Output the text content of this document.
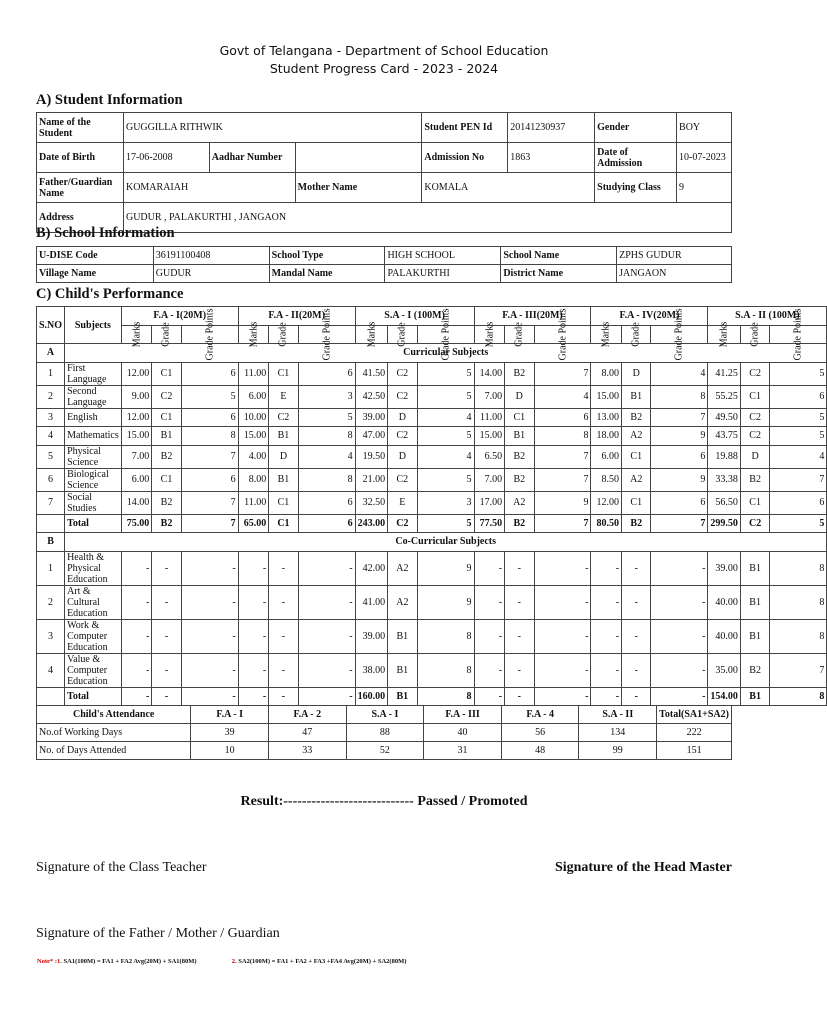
Govt of Telangana - Department of School Education
Student Progress Card - 2023 - 2024
A) Student Information
Name of the Student	GUGGILLA RITHWIK			Student PEN Id	20141230937	Gender	BOY
Date of Birth	17-06-2008	Aadhar Number		Admission No	1863	Date of Admission	10-07-2023
Father/Guardian Name	KOMARAIAH		Mother Name	KOMALA		Studying Class	9
Address	GUDUR , PALAKURTHI , JANGAON						
B) School Information
U-DISE Code	36191100408	School Type	HIGH SCHOOL	School Name	ZPHS GUDUR
Village Name	GUDUR	Mandal Name	PALAKURTHI	District Name	JANGAON
C) Child's Performance
S.NO	Subjects	F.A - I(20M)			F.A - II(20M)			S.A - I (100M)			F.A - III(20M)			F.A - IV(20M)			S.A - II (100M)		
		Marks	Grade	Grade Points	Marks	Grade	Grade Points	Marks	Grade	Grade Points	Marks	Grade	Grade Points	Marks	Grade	Grade Points	Marks	Grade	Grade Points
A	Curricular Subjects																		
1	First Language	12.00	C1	6	11.00	C1	6	41.50	C2	5	14.00	B2	7	8.00	D	4	41.25	C2	5
2	Second Language	9.00	C2	5	6.00	E	3	42.50	C2	5	7.00	D	4	15.00	B1	8	55.25	C1	6
3	English	12.00	C1	6	10.00	C2	5	39.00	D	4	11.00	C1	6	13.00	B2	7	49.50	C2	5
4	Mathematics	15.00	B1	8	15.00	B1	8	47.00	C2	5	15.00	B1	8	18.00	A2	9	43.75	C2	5
5	Physical Science	7.00	B2	7	4.00	D	4	19.50	D	4	6.50	B2	7	6.00	C1	6	19.88	D	4
6	Biological Science	6.00	C1	6	8.00	B1	8	21.00	C2	5	7.00	B2	7	8.50	A2	9	33.38	B2	7
7	Social Studies	14.00	B2	7	11.00	C1	6	32.50	E	3	17.00	A2	9	12.00	C1	6	56.50	C1	6
	Total	75.00	B2	7	65.00	C1	6	243.00	C2	5	77.50	B2	7	80.50	B2	7	299.50	C2	5
B	Co-Curricular Subjects																		
1	Health & Physical Education	-	-	-	-	-	-	42.00	A2	9	-	-	-	-	-	-	39.00	B1	8
2	Art & Cultural Education	-	-	-	-	-	-	41.00	A2	9	-	-	-	-	-	-	40.00	B1	8
3	Work & Computer Education	-	-	-	-	-	-	39.00	B1	8	-	-	-	-	-	-	40.00	B1	8
4	Value & Computer Education	-	-	-	-	-	-	38.00	B1	8	-	-	-	-	-	-	35.00	B2	7
	Total	-	-	-	-	-	-	160.00	B1	8	-	-	-	-	-	-	154.00	B1	8
Child's Attendance	F.A - I	F.A - 2	S.A - I	F.A - III	F.A - 4	S.A - II	Total(SA1+SA2)
No.of Working Days	39	47	88	40	56	134	222
No. of Days Attended	10	33	52	31	48	99	151
Result:---------------------------- Passed / Promoted
Signature of the Class Teacher	Signature of the Head Master
Signature of the Father / Mother / Guardian
Note* :1. SA1(100M) = FA1 + FA2 Avg(20M) + SA1(80M)	2. SA2(100M) = FA1 + FA2 + FA3 +FA4 Avg(20M) + SA2(80M)
